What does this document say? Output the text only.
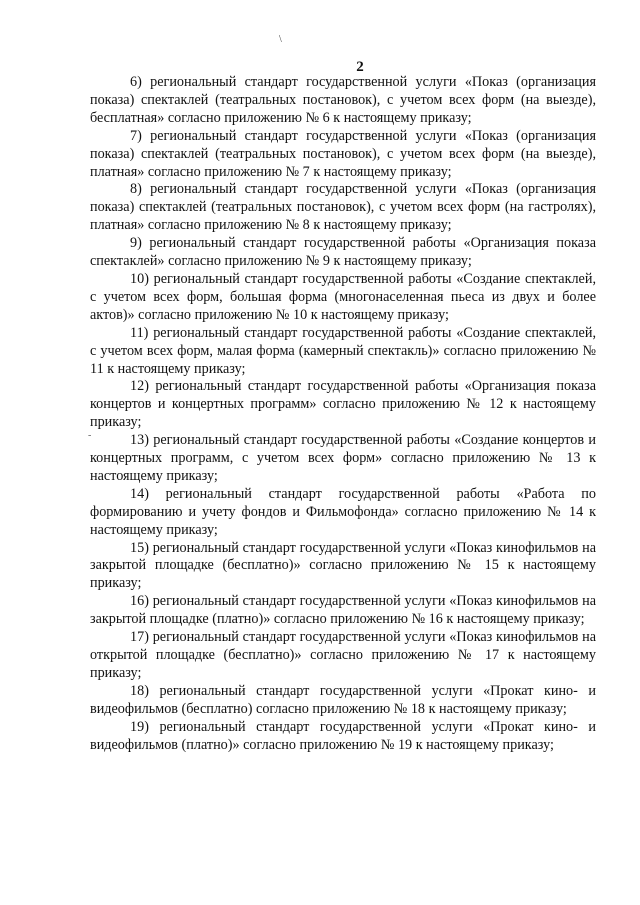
\
2
-

6) региональный стандарт государственной услуги «Показ (организация показа) спектаклей (театральных постановок), с учетом всех форм (на выезде), бесплатная» согласно приложению № 6 к настоящему приказу;

7) региональный стандарт государственной услуги «Показ (организация показа) спектаклей (театральных постановок), с учетом всех форм (на выезде), платная» согласно приложению № 7 к настоящему приказу;

8) региональный стандарт государственной услуги «Показ (организация показа) спектаклей (театральных постановок), с учетом всех форм (на гастролях), платная» согласно приложению № 8 к настоящему приказу;

9) региональный стандарт государственной работы «Организация показа спектаклей» согласно приложению № 9 к настоящему приказу;

10) региональный стандарт государственной работы «Создание спектаклей, с учетом всех форм, большая форма (многонаселенная пьеса из двух и более актов)» согласно приложению № 10 к настоящему приказу;

11) региональный стандарт государственной работы «Создание спектаклей, с учетом всех форм, малая форма (камерный спектакль)» согласно приложению № 11 к настоящему приказу;

12) региональный стандарт государственной работы «Организация показа концертов и концертных программ» согласно приложению № 12 к настоящему приказу;

13) региональный стандарт государственной работы «Создание концертов и концертных программ, с учетом всех форм» согласно приложению № 13 к настоящему приказу;

14) региональный стандарт государственной работы «Работа по формированию и учету фондов и Фильмофонда» согласно приложению № 14 к настоящему приказу;

15) региональный стандарт государственной услуги «Показ кинофильмов на закрытой площадке (бесплатно)» согласно приложению № 15 к настоящему приказу;

16) региональный стандарт государственной услуги «Показ кинофильмов на закрытой площадке (платно)» согласно приложению № 16 к настоящему приказу;

17) региональный стандарт государственной услуги «Показ кинофильмов на открытой площадке (бесплатно)» согласно приложению № 17 к настоящему приказу;

18) региональный стандарт государственной услуги «Прокат кино- и видеофильмов (бесплатно) согласно приложению № 18 к настоящему приказу;

19) региональный стандарт государственной услуги «Прокат кино- и видеофильмов (платно)» согласно приложению № 19 к настоящему приказу;
